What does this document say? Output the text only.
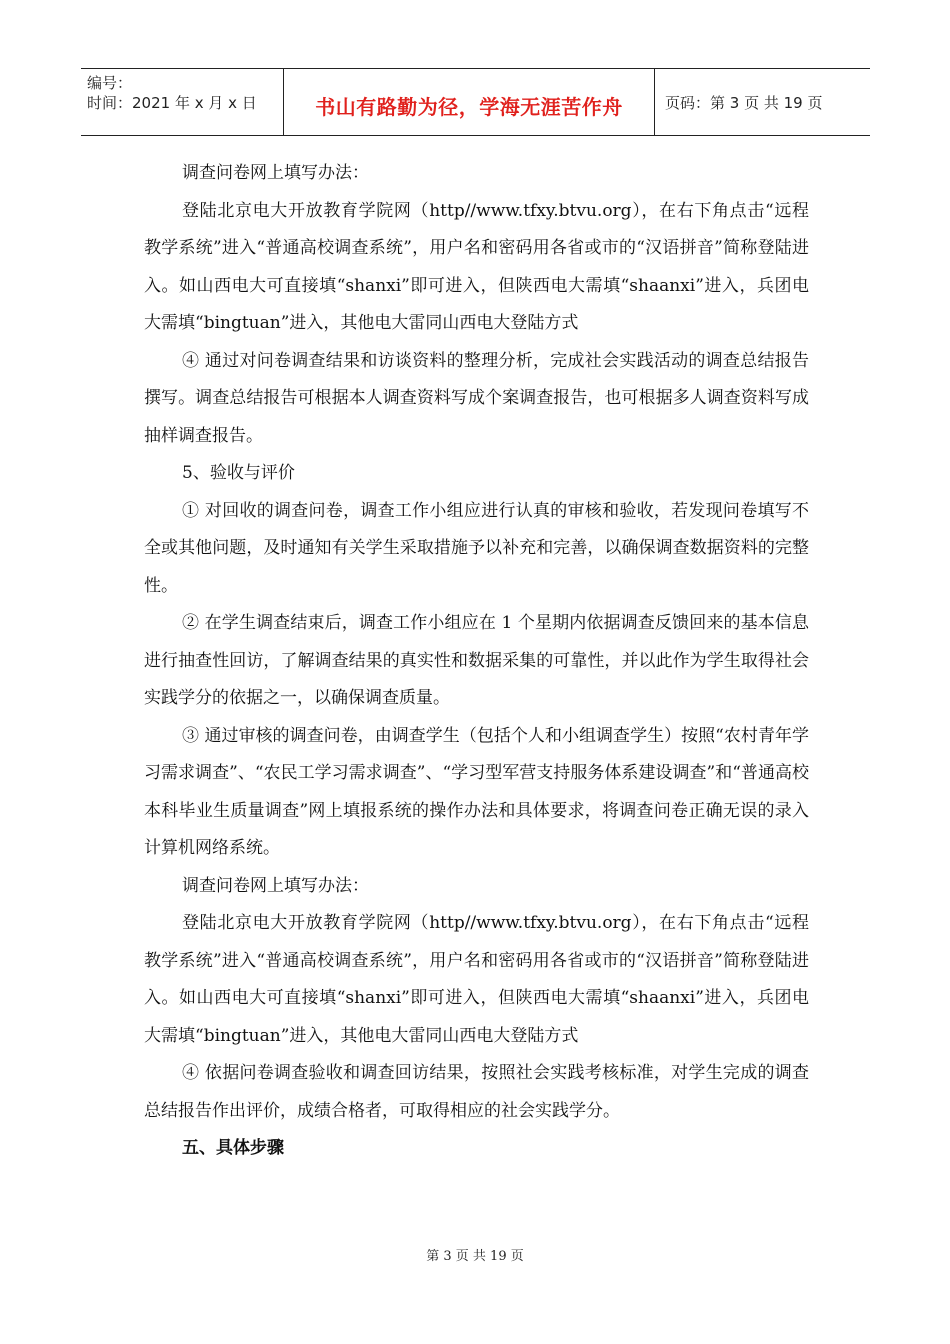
编号：
时间：2021 年 x 月 x 日	书山有路勤为径，学海无涯苦作舟	页码：第 3 页 共 19 页

调查问卷网上填写办法：

登陆北京电大开放教育学院网（http//www.tfxy.btvu.org），在右下角点击“远程教学系统”进入“普通高校调查系统”，用户名和密码用各省或市的“汉语拼音”简称登陆进入。如山西电大可直接填“shanxi”即可进入，但陕西电大需填“shaanxi”进入，兵团电大需填“bingtuan”进入，其他电大雷同山西电大登陆方式

④ 通过对问卷调查结果和访谈资料的整理分析，完成社会实践活动的调查总结报告撰写。调查总结报告可根据本人调查资料写成个案调查报告，也可根据多人调查资料写成抽样调查报告。

5、验收与评价

① 对回收的调查问卷，调查工作小组应进行认真的审核和验收，若发现问卷填写不全或其他问题，及时通知有关学生采取措施予以补充和完善，以确保调查数据资料的完整性。

② 在学生调查结束后，调查工作小组应在 1 个星期内依据调查反馈回来的基本信息进行抽查性回访，了解调查结果的真实性和数据采集的可靠性，并以此作为学生取得社会实践学分的依据之一，以确保调查质量。

③ 通过审核的调查问卷，由调查学生（包括个人和小组调查学生）按照“农村青年学习需求调查”、“农民工学习需求调查”、“学习型军营支持服务体系建设调查”和“普通高校本科毕业生质量调查”网上填报系统的操作办法和具体要求，将调查问卷正确无误的录入计算机网络系统。

调查问卷网上填写办法：

登陆北京电大开放教育学院网（http//www.tfxy.btvu.org），在右下角点击“远程教学系统”进入“普通高校调查系统”，用户名和密码用各省或市的“汉语拼音”简称登陆进入。如山西电大可直接填“shanxi”即可进入，但陕西电大需填“shaanxi”进入，兵团电大需填“bingtuan”进入，其他电大雷同山西电大登陆方式

④ 依据问卷调查验收和调查回访结果，按照社会实践考核标准，对学生完成的调查总结报告作出评价，成绩合格者，可取得相应的社会实践学分。

五、具体步骤

第 3 页 共 19 页
